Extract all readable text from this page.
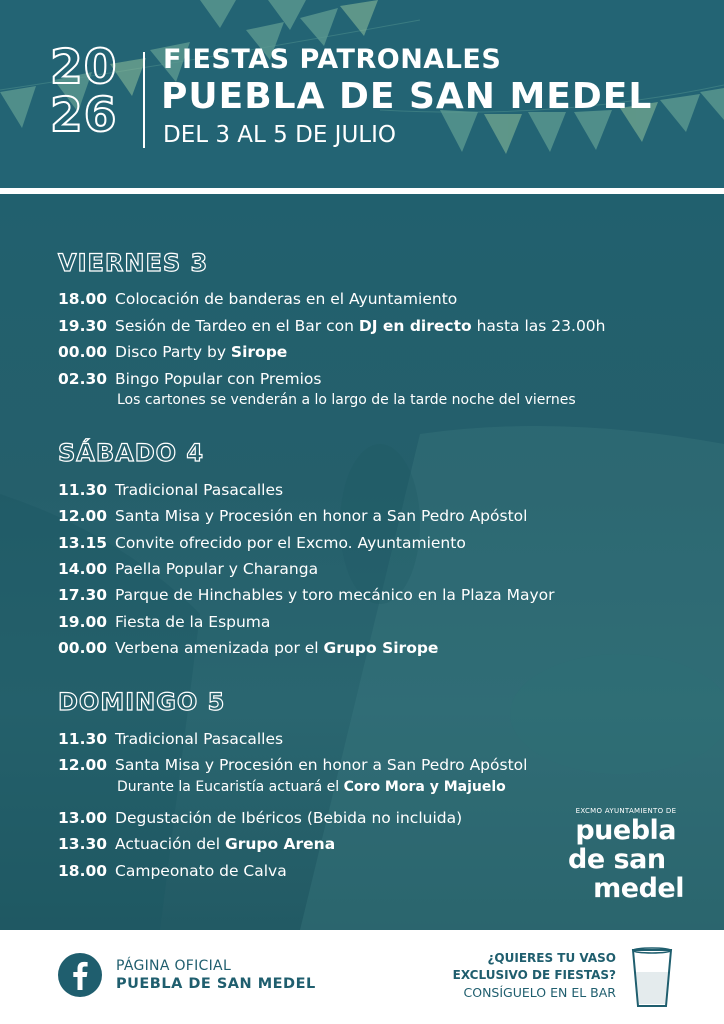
20
26
FIESTAS PATRONALES
PUEBLA DE SAN MEDEL
DEL 3 AL 5 DE JULIO
VIERNES 3
18.00 Colocación de banderas en el Ayuntamiento
19.30 Sesión de Tardeo en el Bar con DJ en directo hasta las 23.00h
00.00 Disco Party by Sirope
02.30 Bingo Popular con Premios
Los cartones se venderán a lo largo de la tarde noche del viernes
SÁBADO 4
11.30 Tradicional Pasacalles
12.00 Santa Misa y Procesión en honor a San Pedro Apóstol
13.15 Convite ofrecido por el Excmo. Ayuntamiento
14.00 Paella Popular y Charanga
17.30 Parque de Hinchables y toro mecánico en la Plaza Mayor
19.00 Fiesta de la Espuma
00.00 Verbena amenizada por el Grupo Sirope
DOMINGO 5
11.30 Tradicional Pasacalles
12.00 Santa Misa y Procesión en honor a San Pedro Apóstol
Durante la Eucaristía actuará el Coro Mora y Majuelo
13.00 Degustación de Ibéricos (Bebida no incluida)
13.30 Actuación del Grupo Arena
18.00 Campeonato de Calva
EXCMO AYUNTAMIENTO DE
puebla
de san
medel
PÁGINA OFICIAL
PUEBLA DE SAN MEDEL
¿QUIERES TU VASO
EXCLUSIVO DE FIESTAS?
CONSÍGUELO EN EL BAR
